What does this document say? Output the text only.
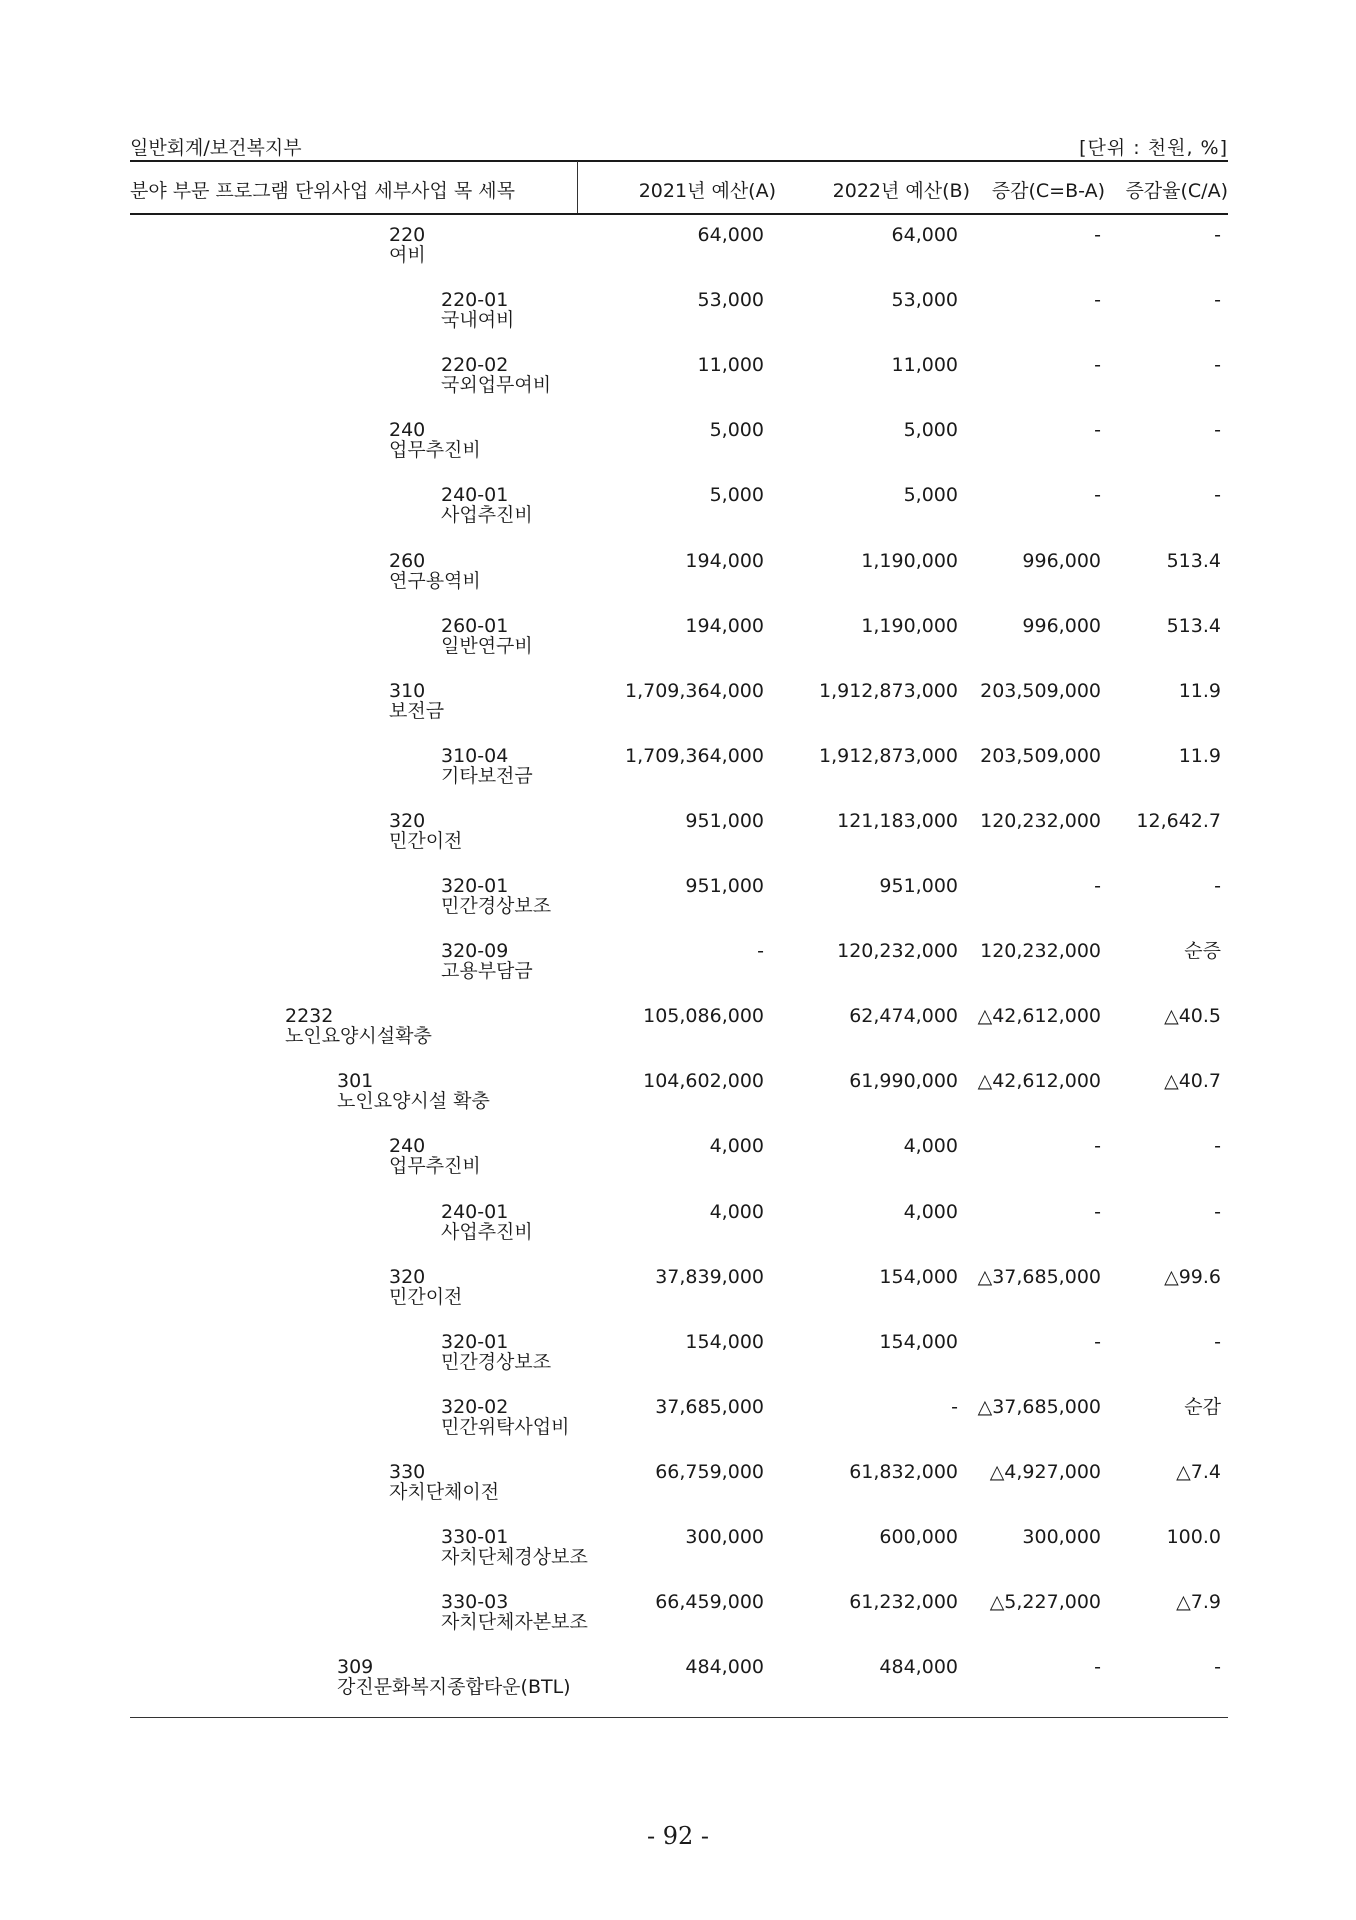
일반회계/보건복지부	[단위 : 천원, %]
분야 부문 프로그램 단위사업 세부사업 목 세목	2021년 예산(A)	2022년 예산(B) 증감(C=B-A) 증감율(C/A)
220
여비
64,000	64,000	-	-
220-01
국내여비
53,000	53,000	-	-
220-02
국외업무여비
11,000	11,000	-	-
240
업무추진비
5,000	5,000	-	-
240-01
사업추진비
5,000	5,000	-	-
260
연구용역비
194,000	1,190,000	996,000	513.4
260-01
일반연구비
194,000	1,190,000	996,000	513.4
310
보전금
1,709,364,000	1,912,873,000 203,509,000	11.9
310-04
기타보전금
1,709,364,000	1,912,873,000 203,509,000	11.9
320
민간이전
951,000	121,183,000 120,232,000 12,642.7
320-01
민간경상보조
951,000	951,000	-	-
320-09
고용부담금
-	120,232,000 120,232,000	순증
2232
노인요양시설확충
105,086,000	62,474,000 △42,612,000	△40.5
301
노인요양시설 확충
104,602,000	61,990,000 △42,612,000	△40.7
240
업무추진비
4,000	4,000	-	-
240-01
사업추진비
4,000	4,000	-	-
320
민간이전
37,839,000	154,000 △37,685,000	△99.6
320-01
민간경상보조
154,000	154,000	-	-
320-02
민간위탁사업비
37,685,000	- △37,685,000	순감
330
자치단체이전
66,759,000	61,832,000 △4,927,000	△7.4
330-01
자치단체경상보조
300,000	600,000	300,000	100.0
330-03
자치단체자본보조
66,459,000	61,232,000 △5,227,000	△7.9
309
강진문화복지종합타운(BTL)
484,000	484,000	-	-
- 92 -
